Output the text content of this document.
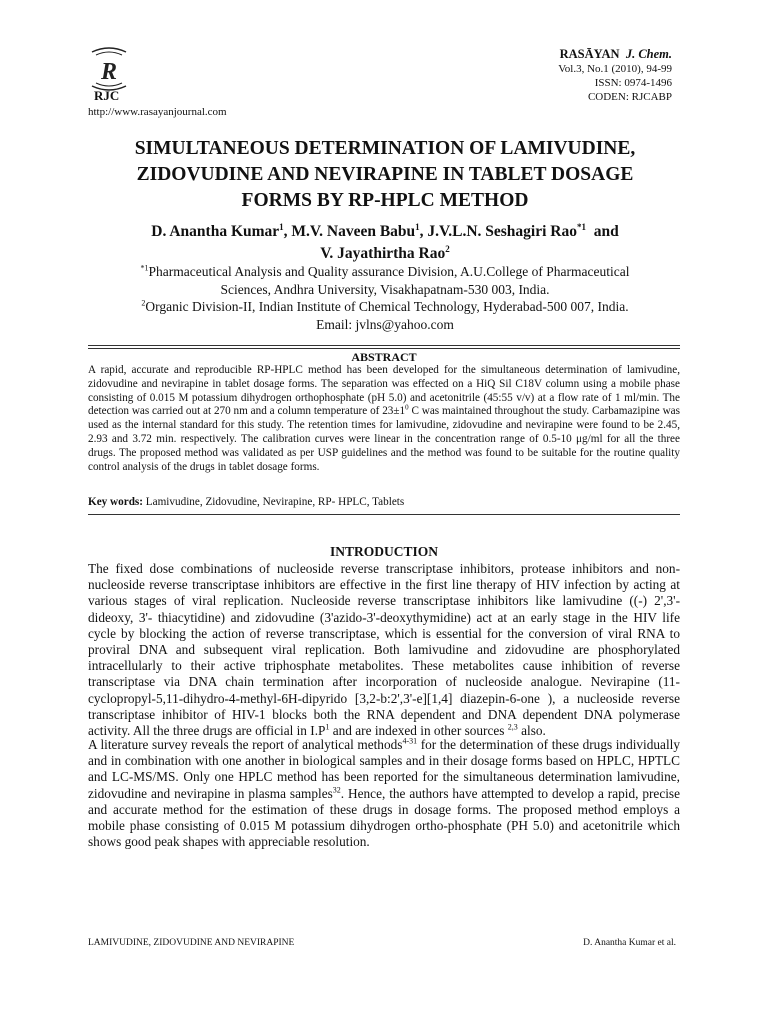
R
RJC
http://www.rasayanjournal.com
RASĀYAN J. Chem.
Vol.3, No.1 (2010), 94-99
ISSN: 0974-1496
CODEN: RJCABP
SIMULTANEOUS DETERMINATION OF LAMIVUDINE,
ZIDOVUDINE AND NEVIRAPINE IN TABLET DOSAGE
FORMS BY RP-HPLC METHOD
D. Anantha Kumar$^1$, M.V. Naveen Babu$^1$, J.V.L.N. Seshagiri Rao$^{*1}$  and
V. Jayathirtha Rao$^2$
$^{*1}$Pharmaceutical Analysis and Quality assurance Division, A.U.College of Pharmaceutical
Sciences, Andhra University, Visakhapatnam-530 003, India.
$^2$Organic Division-II, Indian Institute of Chemical Technology, Hyderabad-500 007, India.
Email: jvlns@yahoo.com
ABSTRACT
A rapid, accurate and reproducible RP-HPLC method has been developed for the simultaneous determination of lamivudine, zidovudine and nevirapine in tablet dosage forms. The separation was effected on a HiQ Sil C18V column using a mobile phase consisting of 0.015 M potassium dihydrogen orthophosphate (pH 5.0) and acetonitrile (45:55 v/v) at a flow rate of 1 ml/min. The detection was carried out at 270 nm and a column temperature of $23\pm 1^0$ C was maintained throughout the study. Carbamazipine was used as the internal standard for this study. The retention times for lamivudine, zidovudine and nevirapine were found to be 2.45, 2.93 and 3.72 min. respectively. The calibration curves were linear in the concentration range of 0.5-10 μg/ml for all the three drugs. The proposed method was validated as per USP guidelines and the method was found to be suitable for the routine quality control analysis of the drugs in tablet dosage forms.
Key words: Lamivudine, Zidovudine, Nevirapine, RP- HPLC, Tablets
INTRODUCTION
The fixed dose combinations of nucleoside reverse transcriptase inhibitors, protease inhibitors and non-nucleoside reverse transcriptase inhibitors are effective in the first line therapy of HIV infection by acting at various stages of viral replication. Nucleoside reverse transcriptase inhibitors like lamivudine ((-) 2',3'- dideoxy, 3'- thiacytidine) and zidovudine (3'azido-3'-deoxythymidine) act at an early stage in the HIV life cycle by blocking the action of reverse transcriptase, which is essential for the conversion of viral RNA to proviral DNA and subsequent viral replication. Both lamivudine and zidovudine are phosphorylated intracellularly to their active triphosphate metabolites. These metabolites cause inhibition of reverse transcriptase via DNA chain termination after incorporation of nucleoside analogue. Nevirapine (11-cyclopropyl-5,11-dihydro-4-methyl-6H-dipyrido [3,2-b:2',3'-e][1,4] diazepin-6-one ), a nucleoside reverse transcriptase inhibitor of HIV-1 blocks both the RNA dependent and DNA dependent DNA polymerase activity. All the three drugs are official in $I.P^1$ and are indexed in other sources $^{2,3}$ also.
A literature survey reveals the report of analytical methods$^{4-31}$ for the determination of these drugs individually and in combination with one another in biological samples and in their dosage forms based on HPLC, HPTLC and LC-MS/MS. Only one HPLC method has been reported for the simultaneous determination lamivudine, zidovudine and nevirapine in plasma samples$^{32}$. Hence, the authors have attempted to develop a rapid, precise and accurate method for the estimation of these drugs in dosage forms. The proposed method employs a mobile phase consisting of 0.015 M potassium dihydrogen ortho-phosphate (PH 5.0) and acetonitrile which shows good peak shapes with appreciable resolution.
LAMIVUDINE, ZIDOVUDINE AND NEVIRAPINE	D. Anantha Kumar et al.
